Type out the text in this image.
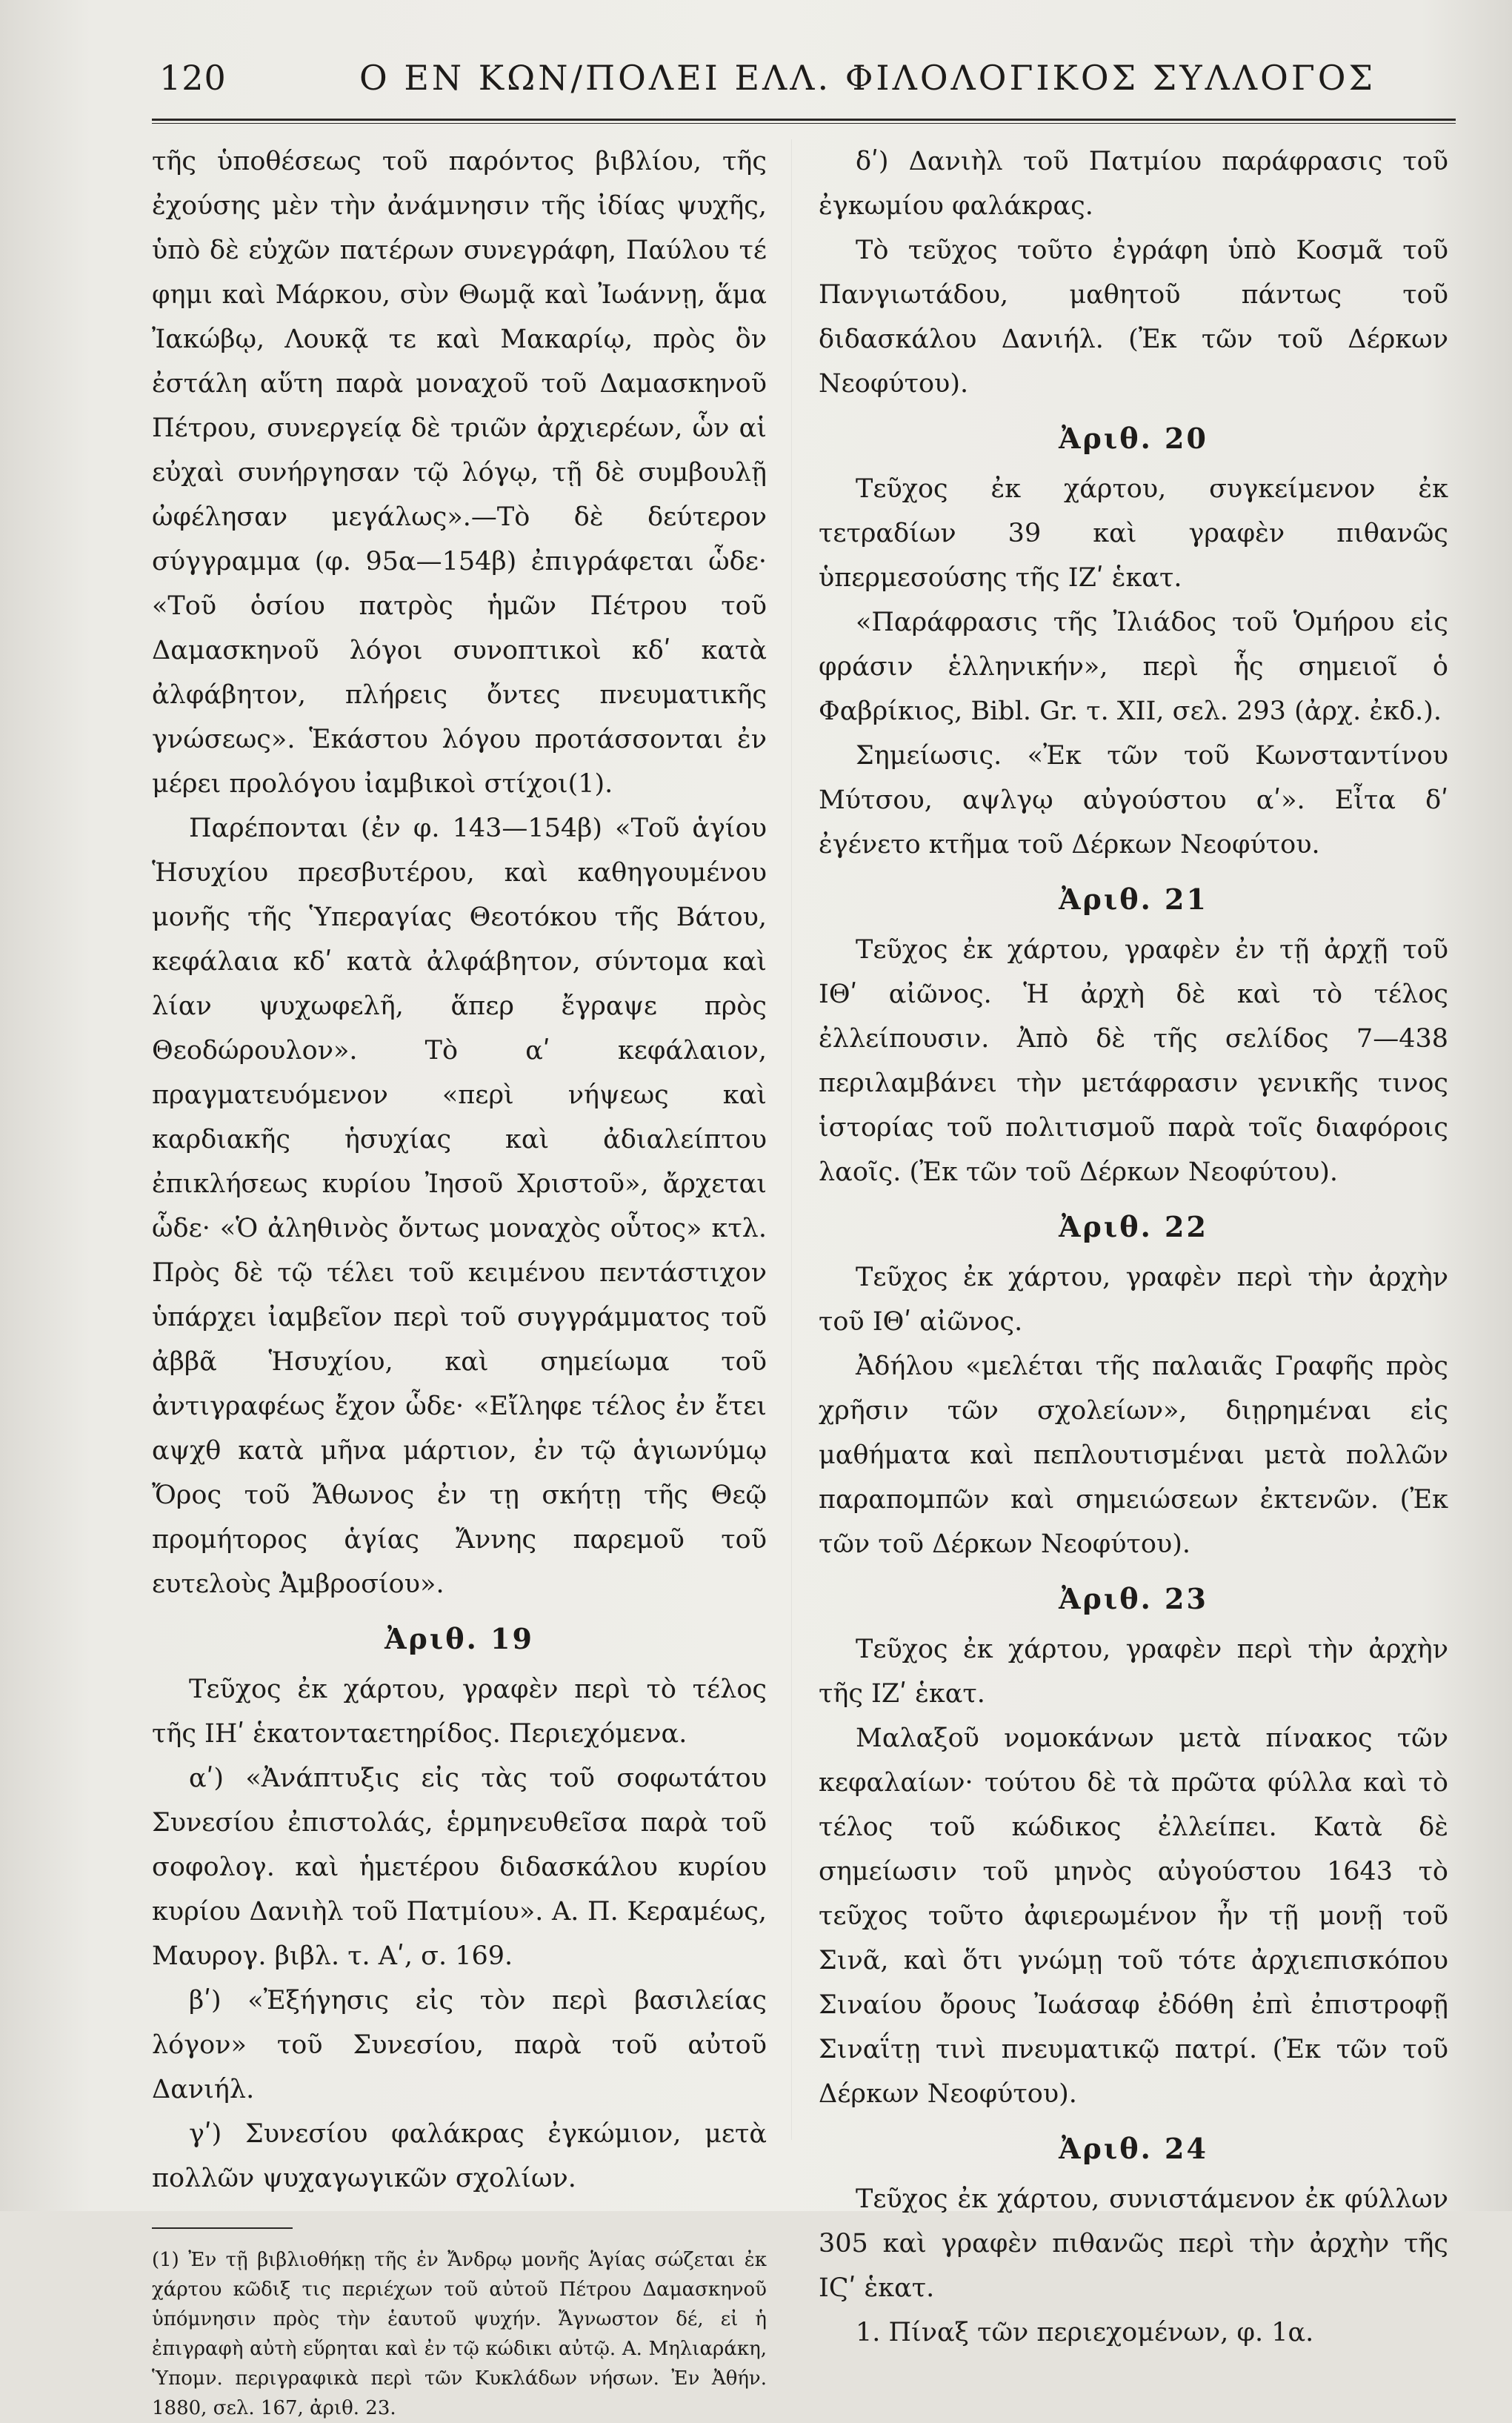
120	Ο ΕΝ ΚΩΝ/ΠΟΛΕΙ ΕΛΛ. ΦΙΛΟΛΟΓΙΚΟΣ ΣΥΛΛΟΓΟΣ

τῆς ὑποθέσεως τοῦ παρόντος βιβλίου, τῆς ἐχούσης μὲν τὴν ἀνάμνησιν τῆς ἰδίας ψυχῆς, ὑπὸ δὲ εὐχῶν πατέρων συνεγράφη, Παύλου τέ φημι καὶ Μάρκου, σὺν Θωμᾷ καὶ Ἰωάννῃ, ἅμα Ἰακώβῳ, Λουκᾷ τε καὶ Μακαρίῳ, πρὸς ὃν ἐστάλη αὕτη παρὰ μοναχοῦ τοῦ Δαμασκηνοῦ Πέτρου, συνεργείᾳ δὲ τριῶν ἀρχιερέων, ὧν αἱ εὐχαὶ συνήργησαν τῷ λόγῳ, τῇ δὲ συμβουλῇ ὠφέλησαν μεγάλως».—Τὸ δὲ δεύτερον σύγγραμμα (φ. 95α—154β) ἐπιγράφεται ὧδε· «Τοῦ ὁσίου πατρὸς ἡμῶν Πέτρου τοῦ Δαμασκηνοῦ λόγοι συνοπτικοὶ κδʹ κατὰ ἀλφάβητον, πλήρεις ὄντες πνευματικῆς γνώσεως». Ἑκάστου λόγου προτάσσονται ἐν μέρει προλόγου ἰαμβικοὶ στίχοι(1).

Παρέπονται (ἐν φ. 143—154β) «Τοῦ ἁγίου Ἡσυχίου πρεσβυτέρου, καὶ καθηγουμένου μονῆς τῆς Ὑπεραγίας Θεοτόκου τῆς Βάτου, κεφάλαια κδʹ κατὰ ἀλφάβητον, σύντομα καὶ λίαν ψυχωφελῆ, ἅπερ ἔγραψε πρὸς Θεοδώρουλον». Τὸ αʹ κεφάλαιον, πραγματευόμενον «περὶ νήψεως καὶ καρδιακῆς ἡσυχίας καὶ ἀδιαλείπτου ἐπικλήσεως κυρίου Ἰησοῦ Χριστοῦ», ἄρχεται ὧδε· «Ὁ ἀληθινὸς ὄντως μοναχὸς οὗτος» κτλ. Πρὸς δὲ τῷ τέλει τοῦ κειμένου πεντάστιχον ὑπάρχει ἰαμβεῖον περὶ τοῦ συγγράμματος τοῦ ἀββᾶ Ἡσυχίου, καὶ σημείωμα τοῦ ἀντιγραφέως ἔχον ὧδε· «Εἴληφε τέλος ἐν ἔτει αψχθ κατὰ μῆνα μάρτιον, ἐν τῷ ἁγιωνύμῳ Ὄρος τοῦ Ἄθωνος ἐν τῃ σκήτῃ τῆς Θεῷ προμήτορος ἁγίας Ἄννης παρεμοῦ τοῦ ευτελοὺς Ἀμβροσίου».

Ἀριθ. 19

Τεῦχος ἐκ χάρτου, γραφὲν περὶ τὸ τέλος τῆς ΙΗʹ ἑκατονταετηρίδος. Περιεχόμενα.

αʹ) «Ἀνάπτυξις εἰς τὰς τοῦ σοφωτάτου Συνεσίου ἐπιστολάς, ἑρμηνευθεῖσα παρὰ τοῦ σοφολογ. καὶ ἡμετέρου διδασκάλου κυρίου κυρίου Δανιὴλ τοῦ Πατμίου». Α. Π. Κεραμέως, Μαυρογ. βιβλ. τ. Αʹ, σ. 169.

βʹ) «Ἐξήγησις εἰς τὸν περὶ βασιλείας λόγον» τοῦ Συνεσίου, παρὰ τοῦ αὐτοῦ Δανιήλ.

γʹ) Συνεσίου φαλάκρας ἐγκώμιον, μετὰ πολλῶν ψυχαγωγικῶν σχολίων.

(1) Ἐν τῇ βιβλιοθήκῃ τῆς ἐν Ἄνδρῳ μονῆς Ἁγίας σώζεται ἐκ χάρτου κῶδιξ τις περιέχων τοῦ αὐτοῦ Πέτρου Δαμασκηνοῦ ὑπόμνησιν πρὸς τὴν ἑαυτοῦ ψυχήν. Ἄγνωστον δέ, εἰ ἡ ἐπιγραφὴ αὐτὴ εὕρηται καὶ ἐν τῷ κώδικι αὐτῷ. Α. Μηλιαράκη, Ὑπομν. περιγραφικὰ περὶ τῶν Κυκλάδων νήσων. Ἐν Ἀθήν. 1880, σελ. 167, ἀριθ. 23.

δʹ) Δανιὴλ τοῦ Πατμίου παράφρασις τοῦ ἐγκωμίου φαλάκρας.

Τὸ τεῦχος τοῦτο ἐγράφη ὑπὸ Κοσμᾶ τοῦ Πανγιωτάδου, μαθητοῦ πάντως τοῦ διδασκάλου Δανιήλ. (Ἐκ τῶν τοῦ Δέρκων Νεοφύτου).

Ἀριθ. 20

Τεῦχος ἐκ χάρτου, συγκείμενον ἐκ τετραδίων 39 καὶ γραφὲν πιθανῶς ὑπερμεσούσης τῆς ΙΖʹ ἑκατ.

«Παράφρασις τῆς Ἰλιάδος τοῦ Ὁμήρου εἰς φράσιν ἑλληνικήν», περὶ ἧς σημειοῖ ὁ Φαβρίκιος, Bibl. Gr. τ. XII, σελ. 293 (ἀρχ. ἐκδ.).

Σημείωσις. «Ἐκ τῶν τοῦ Κωνσταντίνου Μύτσου, αψλγῳ αὐγούστου αʹ». Εἶτα δʹ ἐγένετο κτῆμα τοῦ Δέρκων Νεοφύτου.

Ἀριθ. 21

Τεῦχος ἐκ χάρτου, γραφὲν ἐν τῇ ἀρχῇ τοῦ ΙΘʹ αἰῶνος. Ἡ ἀρχὴ δὲ καὶ τὸ τέλος ἐλλείπουσιν. Ἀπὸ δὲ τῆς σελίδος 7—438 περιλαμβάνει τὴν μετάφρασιν γενικῆς τινος ἱστορίας τοῦ πολιτισμοῦ παρὰ τοῖς διαφόροις λαοῖς. (Ἐκ τῶν τοῦ Δέρκων Νεοφύτου).

Ἀριθ. 22

Τεῦχος ἐκ χάρτου, γραφὲν περὶ τὴν ἀρχὴν τοῦ ΙΘʹ αἰῶνος.

Ἀδήλου «μελέται τῆς παλαιᾶς Γραφῆς πρὸς χρῆσιν τῶν σχολείων», διῃρημέναι εἰς μαθήματα καὶ πεπλουτισμέναι μετὰ πολλῶν παραπομπῶν καὶ σημειώσεων ἐκτενῶν. (Ἐκ τῶν τοῦ Δέρκων Νεοφύτου).

Ἀριθ. 23

Τεῦχος ἐκ χάρτου, γραφὲν περὶ τὴν ἀρχὴν τῆς ΙΖʹ ἑκατ.

Μαλαξοῦ νομοκάνων μετὰ πίνακος τῶν κεφαλαίων· τούτου δὲ τὰ πρῶτα φύλλα καὶ τὸ τέλος τοῦ κώδικος ἐλλείπει. Κατὰ δὲ σημείωσιν τοῦ μηνὸς αὐγούστου 1643 τὸ τεῦχος τοῦτο ἀφιερωμένον ἦν τῇ μονῇ τοῦ Σινᾶ, καὶ ὅτι γνώμῃ τοῦ τότε ἀρχιεπισκόπου Σιναίου ὄρους Ἰωάσαφ ἐδόθη ἐπὶ ἐπιστροφῇ Σιναΐτῃ τινὶ πνευματικῷ πατρί. (Ἐκ τῶν τοῦ Δέρκων Νεοφύτου).

Ἀριθ. 24

Τεῦχος ἐκ χάρτου, συνιστάμενον ἐκ φύλλων 305 καὶ γραφὲν πιθανῶς περὶ τὴν ἀρχὴν τῆς ΙϚʹ ἑκατ.

1. Πίναξ τῶν περιεχομένων, φ. 1α.
